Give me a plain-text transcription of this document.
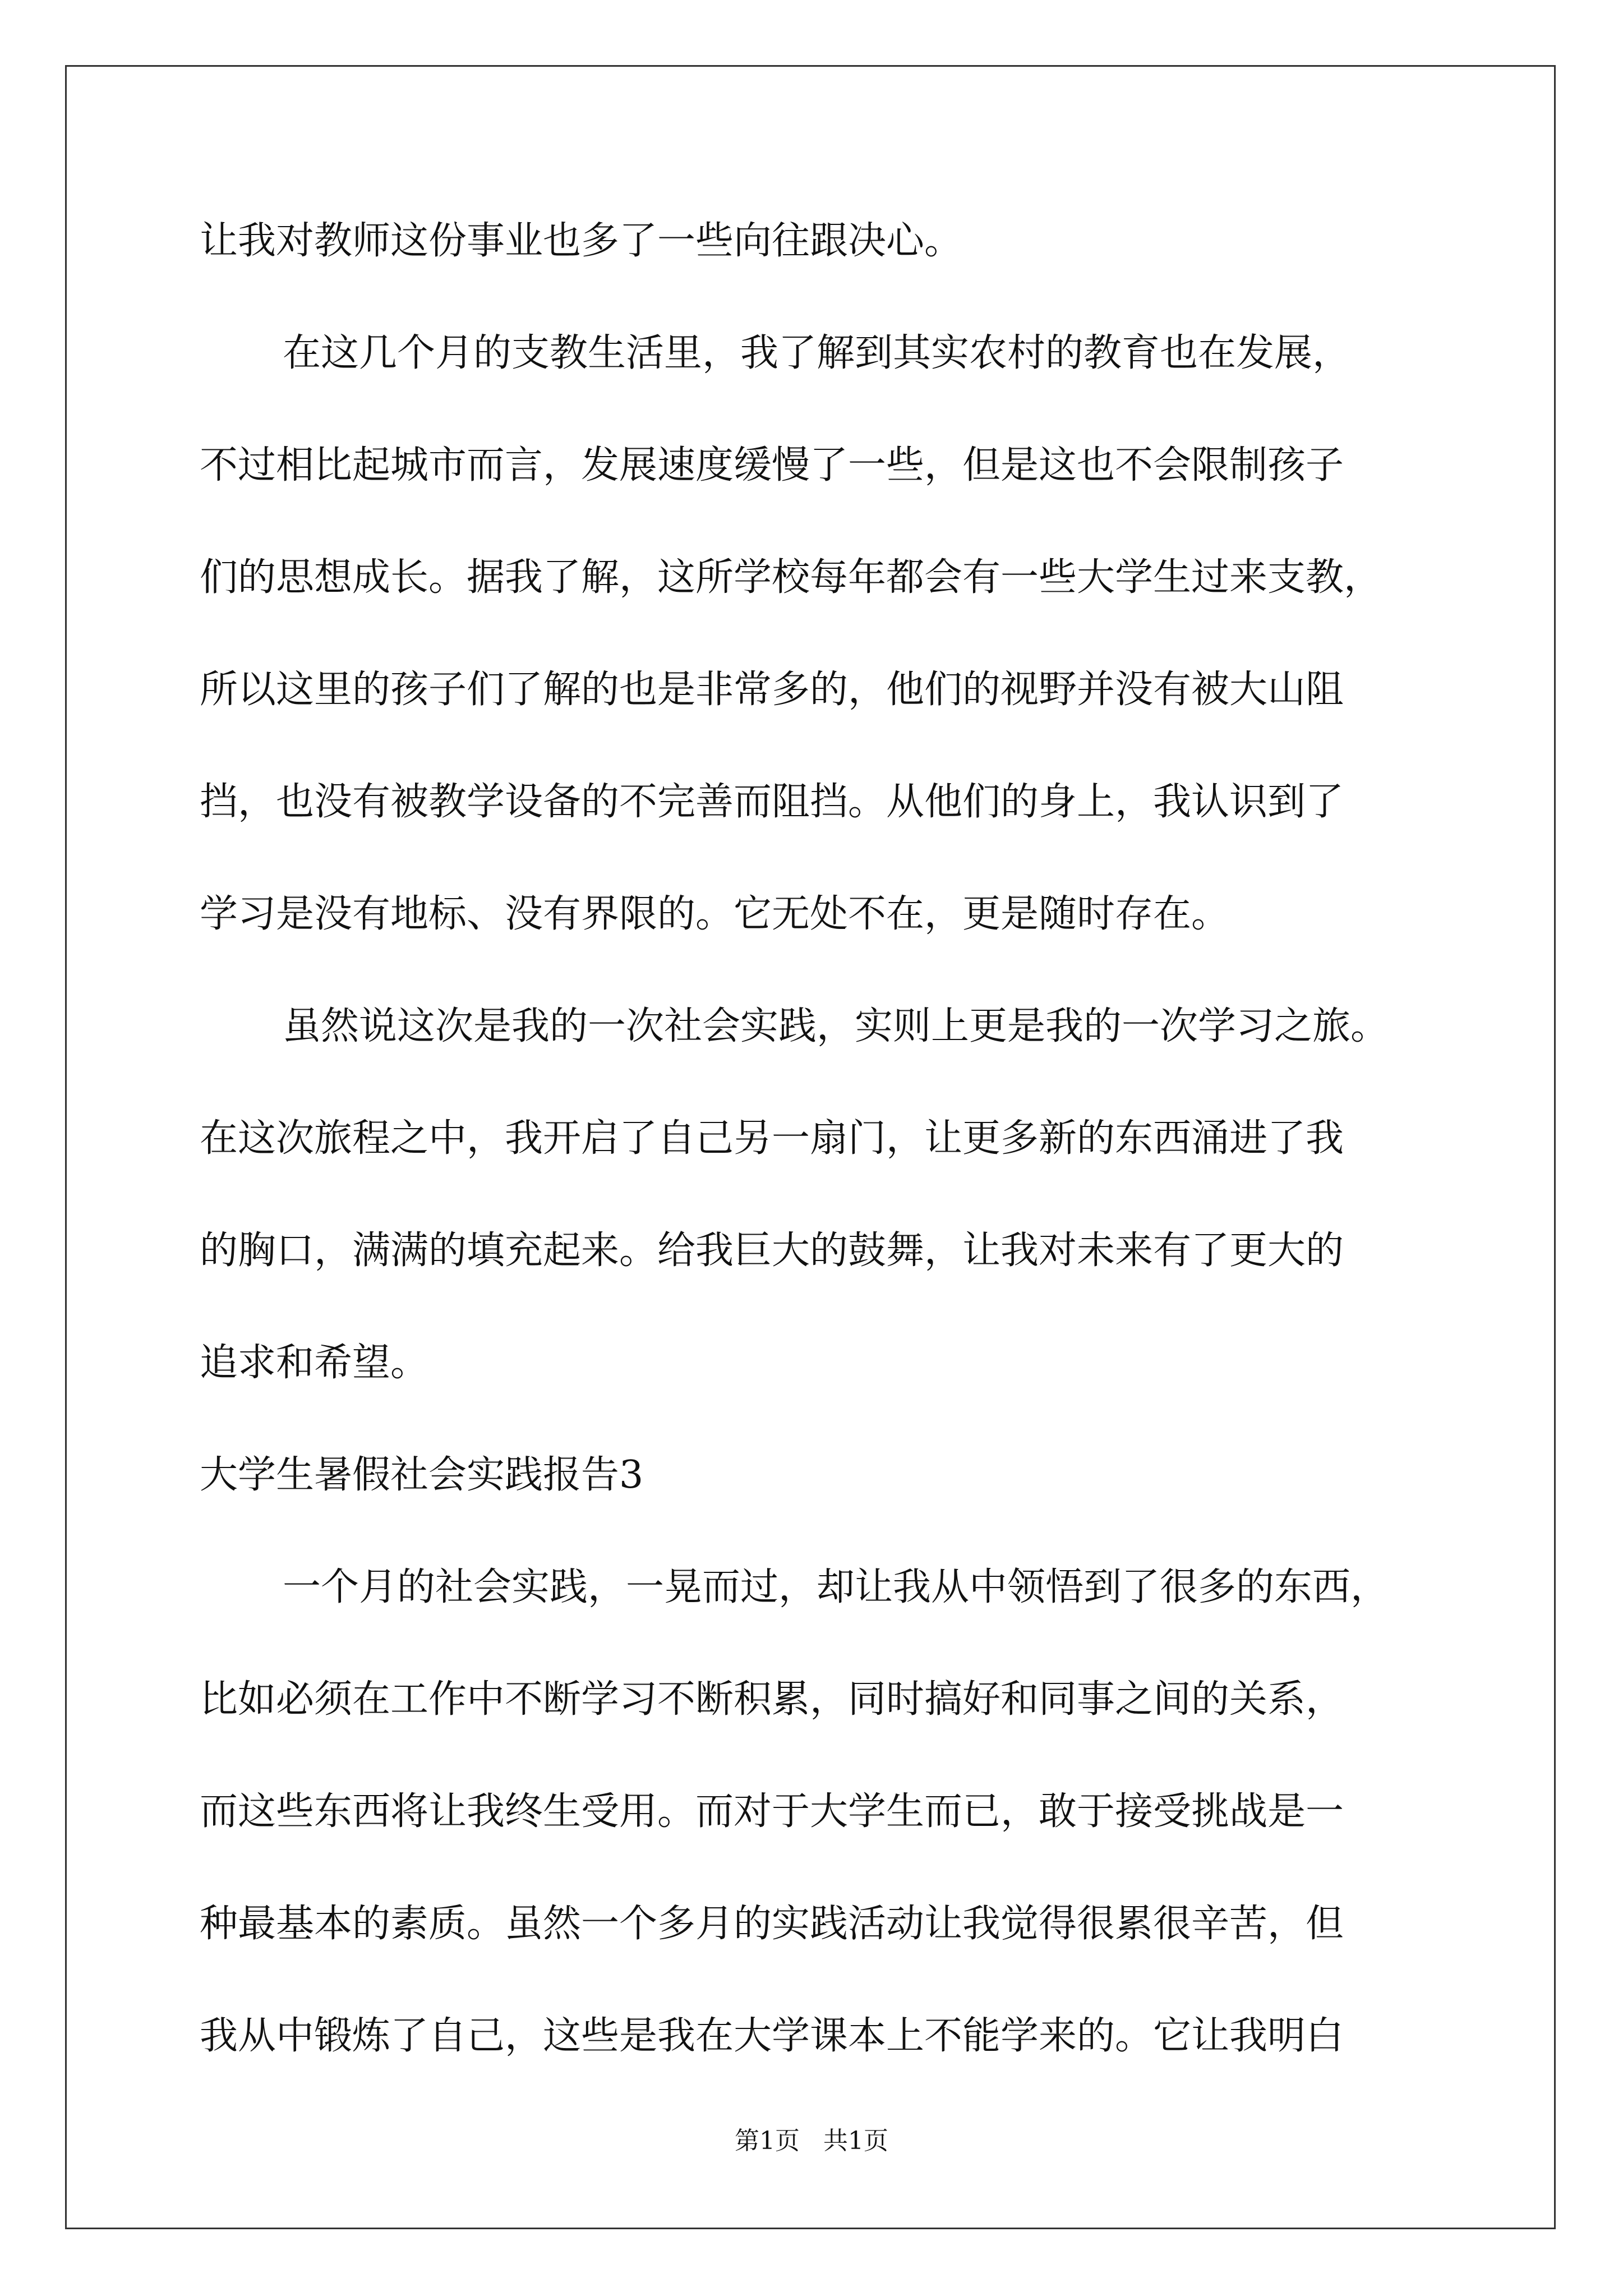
让我对教师这份事业也多了一些向往跟决心。
在这几个月的支教生活里，我了解到其实农村的教育也在发展，
不过相比起城市而言，发展速度缓慢了一些，但是这也不会限制孩子
们的思想成长。据我了解，这所学校每年都会有一些大学生过来支教，
所以这里的孩子们了解的也是非常多的，他们的视野并没有被大山阻
挡，也没有被教学设备的不完善而阻挡。从他们的身上，我认识到了
学习是没有地标、没有界限的。它无处不在，更是随时存在。
虽然说这次是我的一次社会实践，实则上更是我的一次学习之旅。
在这次旅程之中，我开启了自己另一扇门，让更多新的东西涌进了我
的胸口，满满的填充起来。给我巨大的鼓舞，让我对未来有了更大的
追求和希望。
大学生暑假社会实践报告3
一个月的社会实践，一晃而过，却让我从中领悟到了很多的东西，
比如必须在工作中不断学习不断积累，同时搞好和同事之间的关系，
而这些东西将让我终生受用。而对于大学生而已，敢于接受挑战是一
种最基本的素质。虽然一个多月的实践活动让我觉得很累很辛苦，但
我从中锻炼了自己，这些是我在大学课本上不能学来的。它让我明白
第1页   共1页
